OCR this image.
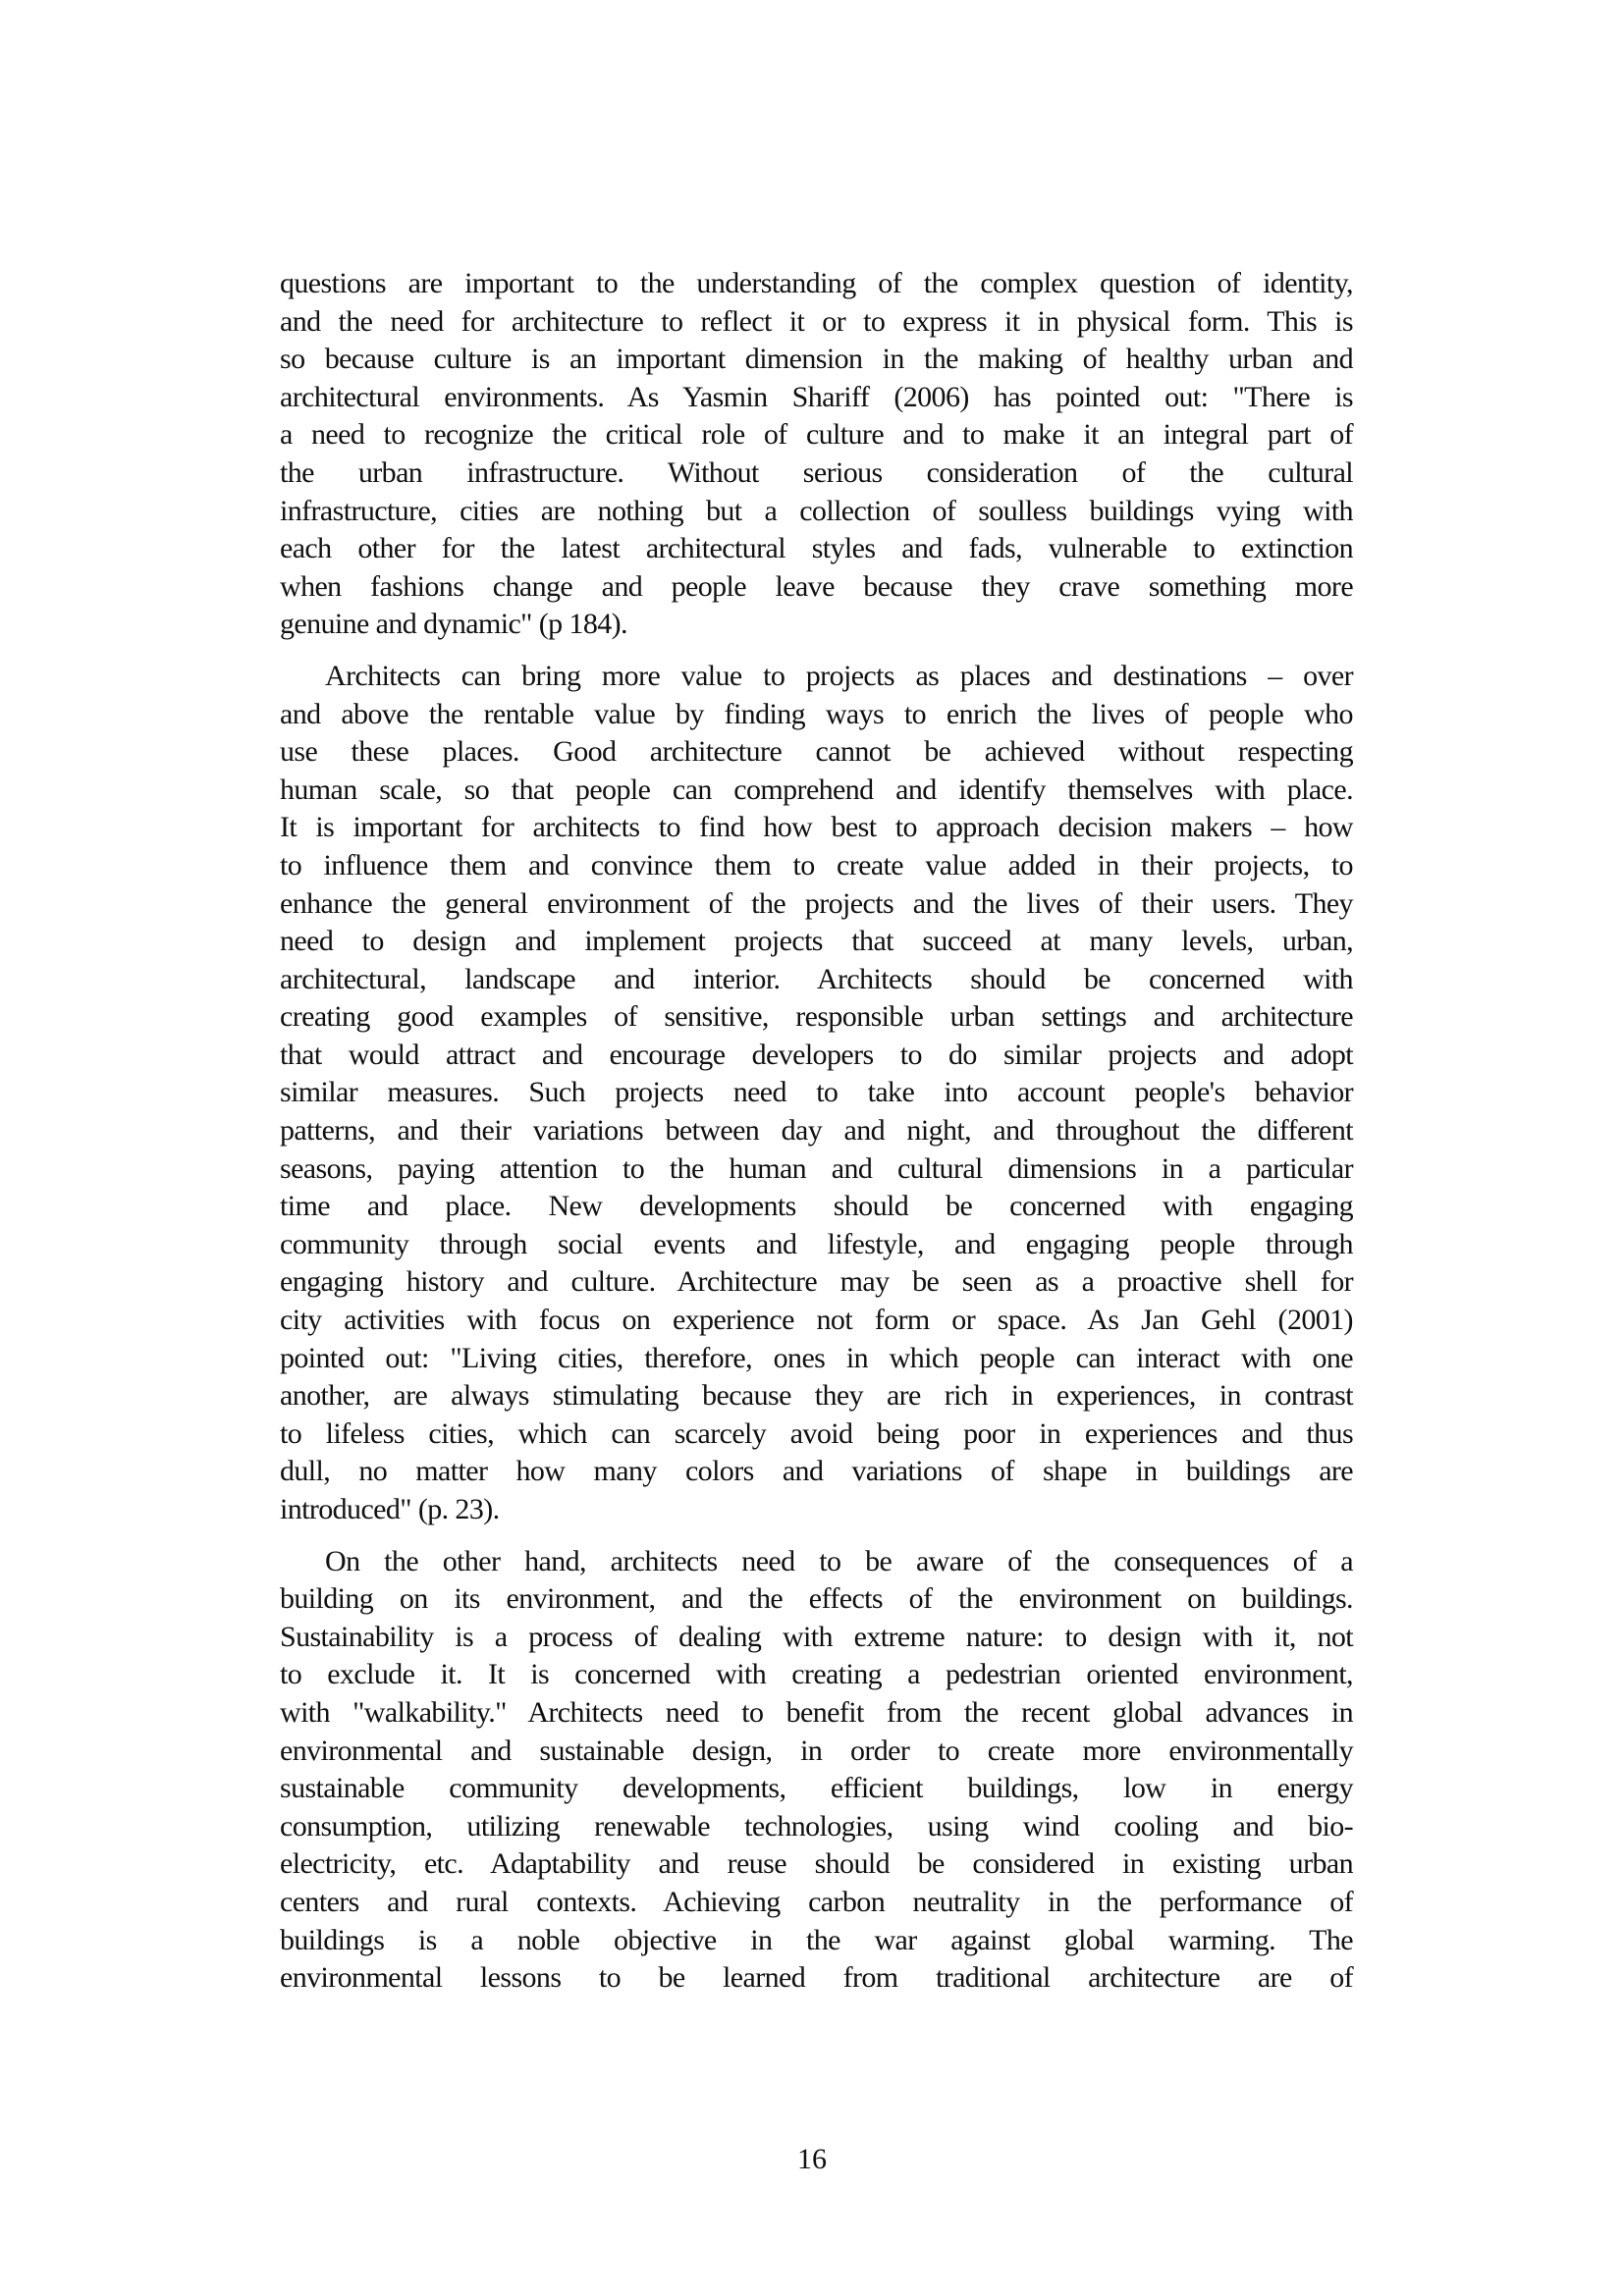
questions are important to the understanding of the complex question of identity,
and the need for architecture to reflect it or to express it in physical form. This is
so because culture is an important dimension in the making of healthy urban and
architectural environments. As Yasmin Shariff (2006) has pointed out: "There is
a need to recognize the critical role of culture and to make it an integral part of
the urban infrastructure. Without serious consideration of the cultural
infrastructure, cities are nothing but a collection of soulless buildings vying with
each other for the latest architectural styles and fads, vulnerable to extinction
when fashions change and people leave because they crave something more
genuine and dynamic" (p 184).

Architects can bring more value to projects as places and destinations – over
and above the rentable value by finding ways to enrich the lives of people who
use these places. Good architecture cannot be achieved without respecting
human scale, so that people can comprehend and identify themselves with place.
It is important for architects to find how best to approach decision makers – how
to influence them and convince them to create value added in their projects, to
enhance the general environment of the projects and the lives of their users. They
need to design and implement projects that succeed at many levels, urban,
architectural, landscape and interior. Architects should be concerned with
creating good examples of sensitive, responsible urban settings and architecture
that would attract and encourage developers to do similar projects and adopt
similar measures. Such projects need to take into account people's behavior
patterns, and their variations between day and night, and throughout the different
seasons, paying attention to the human and cultural dimensions in a particular
time and place. New developments should be concerned with engaging
community through social events and lifestyle, and engaging people through
engaging history and culture. Architecture may be seen as a proactive shell for
city activities with focus on experience not form or space. As Jan Gehl (2001)
pointed out: "Living cities, therefore, ones in which people can interact with one
another, are always stimulating because they are rich in experiences, in contrast
to lifeless cities, which can scarcely avoid being poor in experiences and thus
dull, no matter how many colors and variations of shape in buildings are
introduced" (p. 23).

On the other hand, architects need to be aware of the consequences of a
building on its environment, and the effects of the environment on buildings.
Sustainability is a process of dealing with extreme nature: to design with it, not
to exclude it. It is concerned with creating a pedestrian oriented environment,
with "walkability." Architects need to benefit from the recent global advances in
environmental and sustainable design, in order to create more environmentally
sustainable community developments, efficient buildings, low in energy
consumption, utilizing renewable technologies, using wind cooling and bio-
electricity, etc. Adaptability and reuse should be considered in existing urban
centers and rural contexts. Achieving carbon neutrality in the performance of
buildings is a noble objective in the war against global warming. The
environmental lessons to be learned from traditional architecture are of

16
